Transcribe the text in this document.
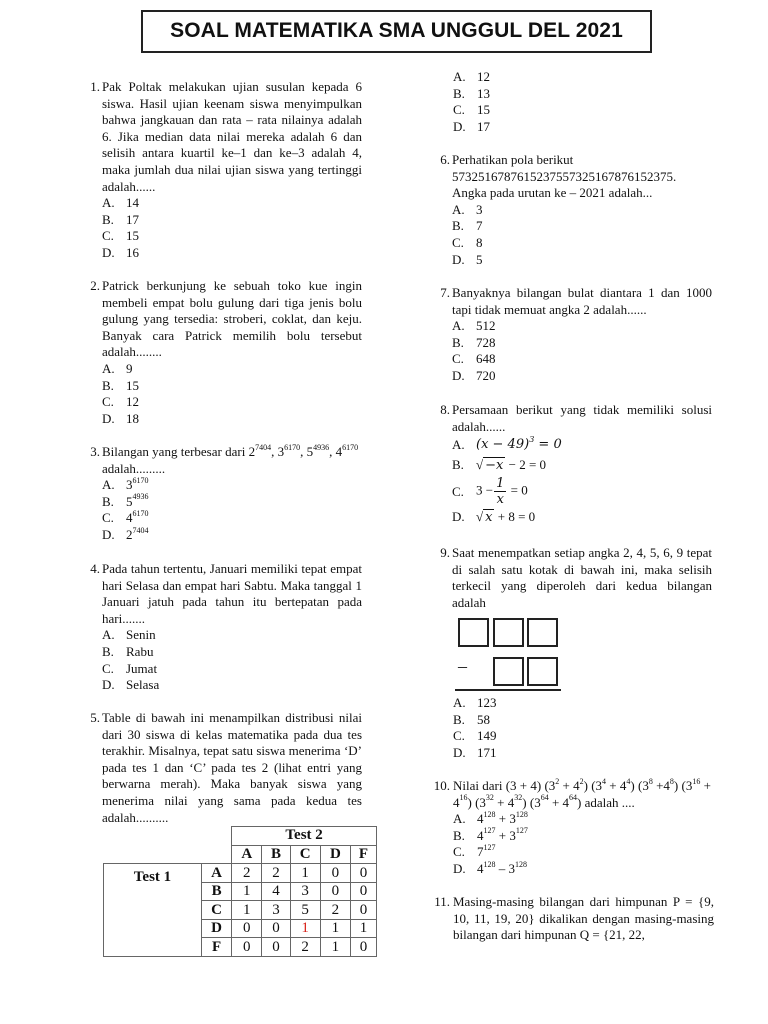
SOAL MATEMATIKA SMA UNGGUL DEL 2021
1. Pak Poltak melakukan ujian susulan kepada 6 siswa. Hasil ujian keenam siswa menyimpulkan bahwa jangkauan dan rata – rata nilainya adalah 6. Jika median data nilai mereka adalah 6 dan selisih antara kuartil ke–1 dan ke–3 adalah 4, maka jumlah dua nilai ujian siswa yang tertinggi adalah......

A. 14
B. 17
C. 15
D. 16
2. Patrick berkunjung ke sebuah toko kue ingin membeli empat bolu gulung dari tiga jenis bolu gulung yang tersedia: stroberi, coklat, dan keju. Banyak cara Patrick memilih bolu tersebut adalah........

A. 9
B. 15
C. 12
D. 18
3. Bilangan yang terbesar dari $2^{7404}$, $3^{6170}$, $5^{4936}$, $4^{6170}$ adalah.........

A. $3^{6170}$
B. $5^{4936}$
C. $4^{6170}$
D. $2^{7404}$
4. Pada tahun tertentu, Januari memiliki tepat empat hari Selasa dan empat hari Sabtu. Maka tanggal 1 Januari jatuh pada tahun itu bertepatan pada hari.......

A. Senin
B. Rabu
C. Jumat
D. Selasa
5. Table di bawah ini menampilkan distribusi nilai dari 30 siswa di kelas matematika pada dua tes terakhir. Misalnya, tepat satu siswa menerima ‘D’ pada tes 1 dan ‘C’ pada tes 2 (lihat entri yang berwarna merah). Maka banyak siswa yang menerima nilai yang sama pada kedua tes adalah..........

		Test 2				
		A	B	C	D	F
Test 1	A	2	2	1	0	0
	B	1	4	3	0	0
	C	1	3	5	2	0
	D	0	0	1	1	1
	F	0	0	2	1	0
A. 12
B. 13
C. 15
D. 17
6. Perhatikan pola berikut

5732516787615237557325167876152375.

Angka pada urutan ke – 2021 adalah...

A. 3
B. 7
C. 8
D. 5
7. Banyaknya bilangan bulat diantara 1 dan 1000 tapi tidak memuat angka 2 adalah......

A. 512
B. 728
C. 648
D. 720
8. Persamaan berikut yang tidak memiliki solusi adalah......

A. $(x - 49)^3 = 0$
B. √ −x − 2 = 0
C. $3 - \frac{1}{x} = 0$
D. √ x + 8 = 0
9. Saat menempatkan setiap angka 2, 4, 5, 6, 9 tepat di salah satu kotak di bawah ini, maka selisih terkecil yang diperoleh dari kedua bilangan adalah

–
A. 123
B. 58
C. 149
D. 171
10. Nilai dari (3 + 4) $(3^2 + 4^2) (3^4 + 4^4)$ $(3^8 +4^8) (3^{16} + 4^{16}) (3^{32} + 4^{32}) (3^{64} + 4^{64})$ adalah ....

A. $4^{128} + 3^{128}$
B. $4^{127} + 3^{127}$
C. $7^{127}$
D. $4^{128} - 3^{128}$
11. Masing-masing bilangan dari himpunan P = {9, 10, 11, 19, 20} dikalikan dengan masing-masing bilangan dari himpunan Q = {21, 22,
